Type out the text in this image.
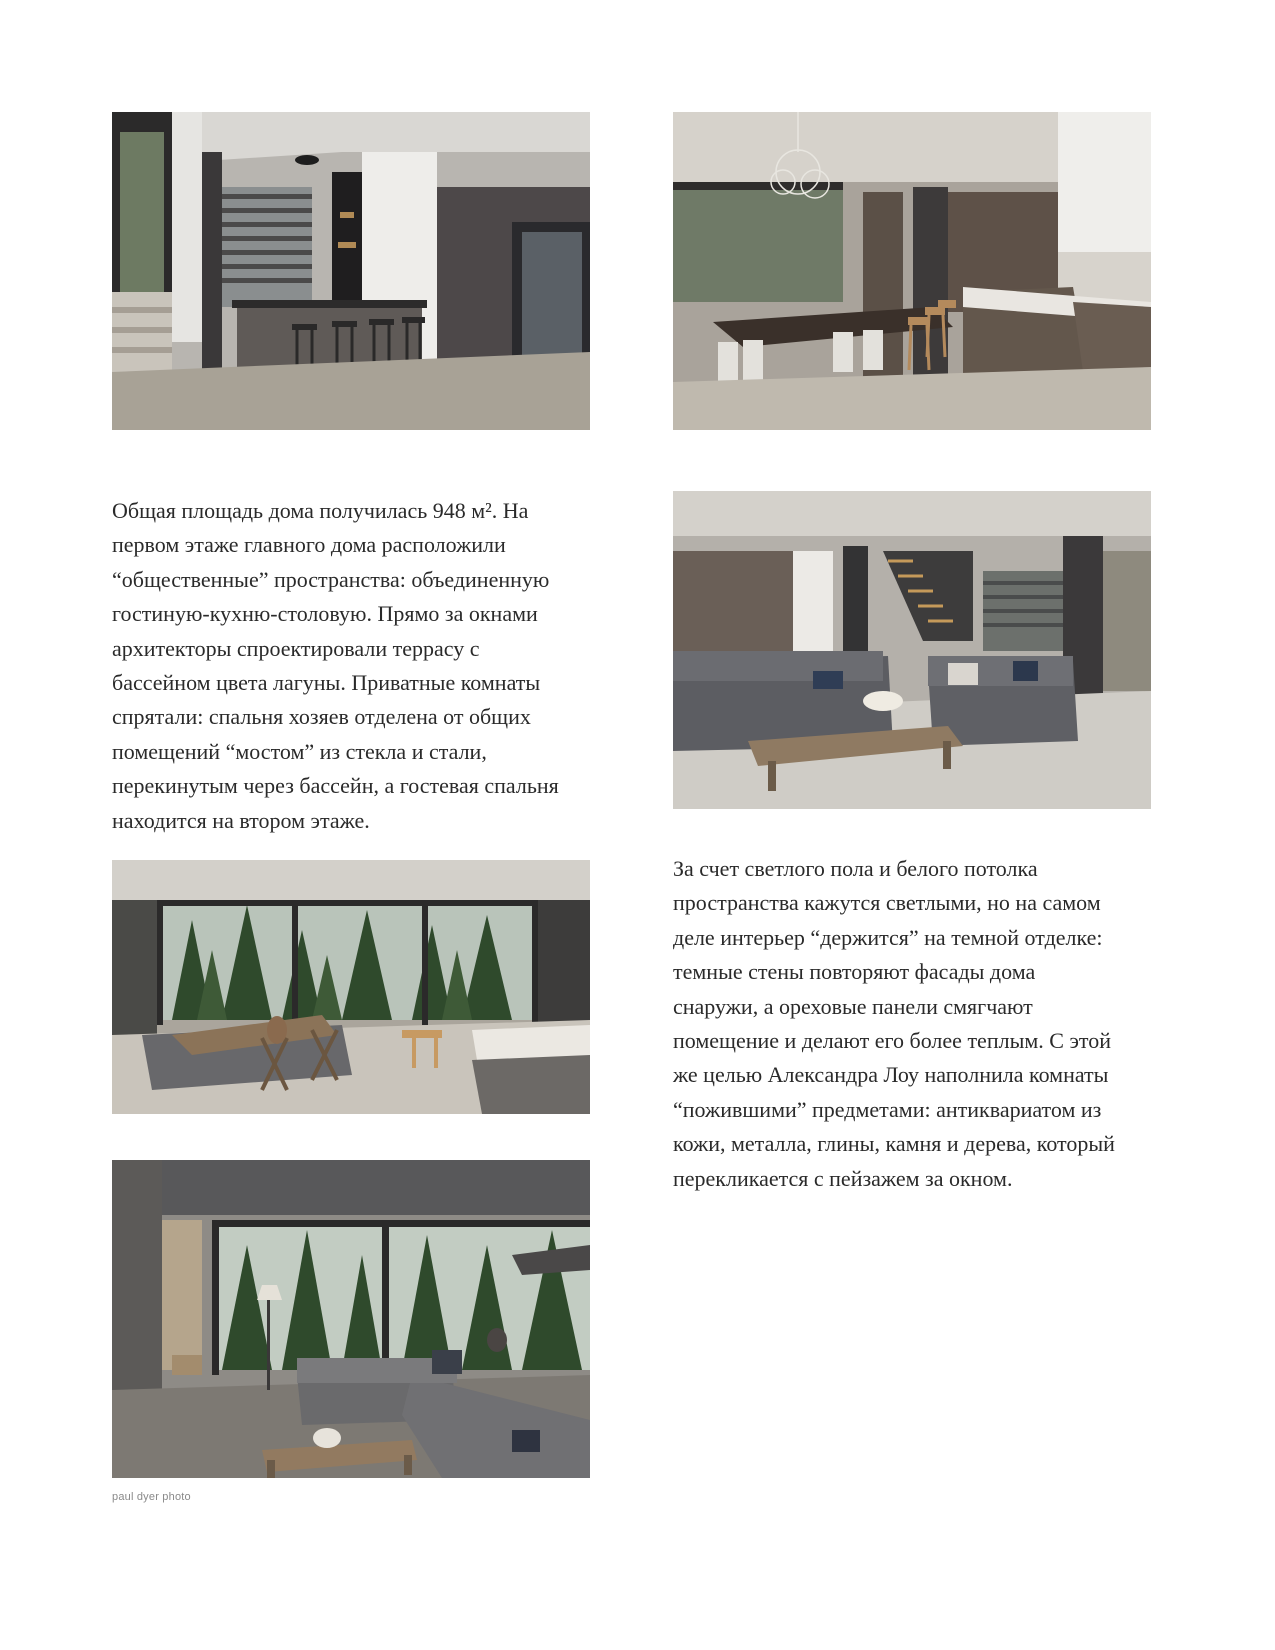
Общая площадь дома получилась 948 м². На
первом этаже главного дома расположили
“общественные” пространства: объединенную
гостиную-кухню-столовую. Прямо за окнами
архитекторы спроектировали террасу с
бассейном цвета лагуны. Приватные комнаты
спрятали: спальня хозяев отделена от общих
помещений “мостом” из стекла и стали,
перекинутым через бассейн, а гостевая спальня
находится на втором этаже.

За счет светлого пола и белого потолка
пространства кажутся светлыми, но на самом
деле интерьер “держится” на темной отделке:
темные стены повторяют фасады дома
снаружи, а ореховые панели смягчают
помещение и делают его более теплым. С этой
же целью Александра Лоу наполнила комнаты
“пожившими” предметами: антиквариатом из
кожи, металла, глины, камня и дерева, который
перекликается с пейзажем за окном.

paul dyer photo
